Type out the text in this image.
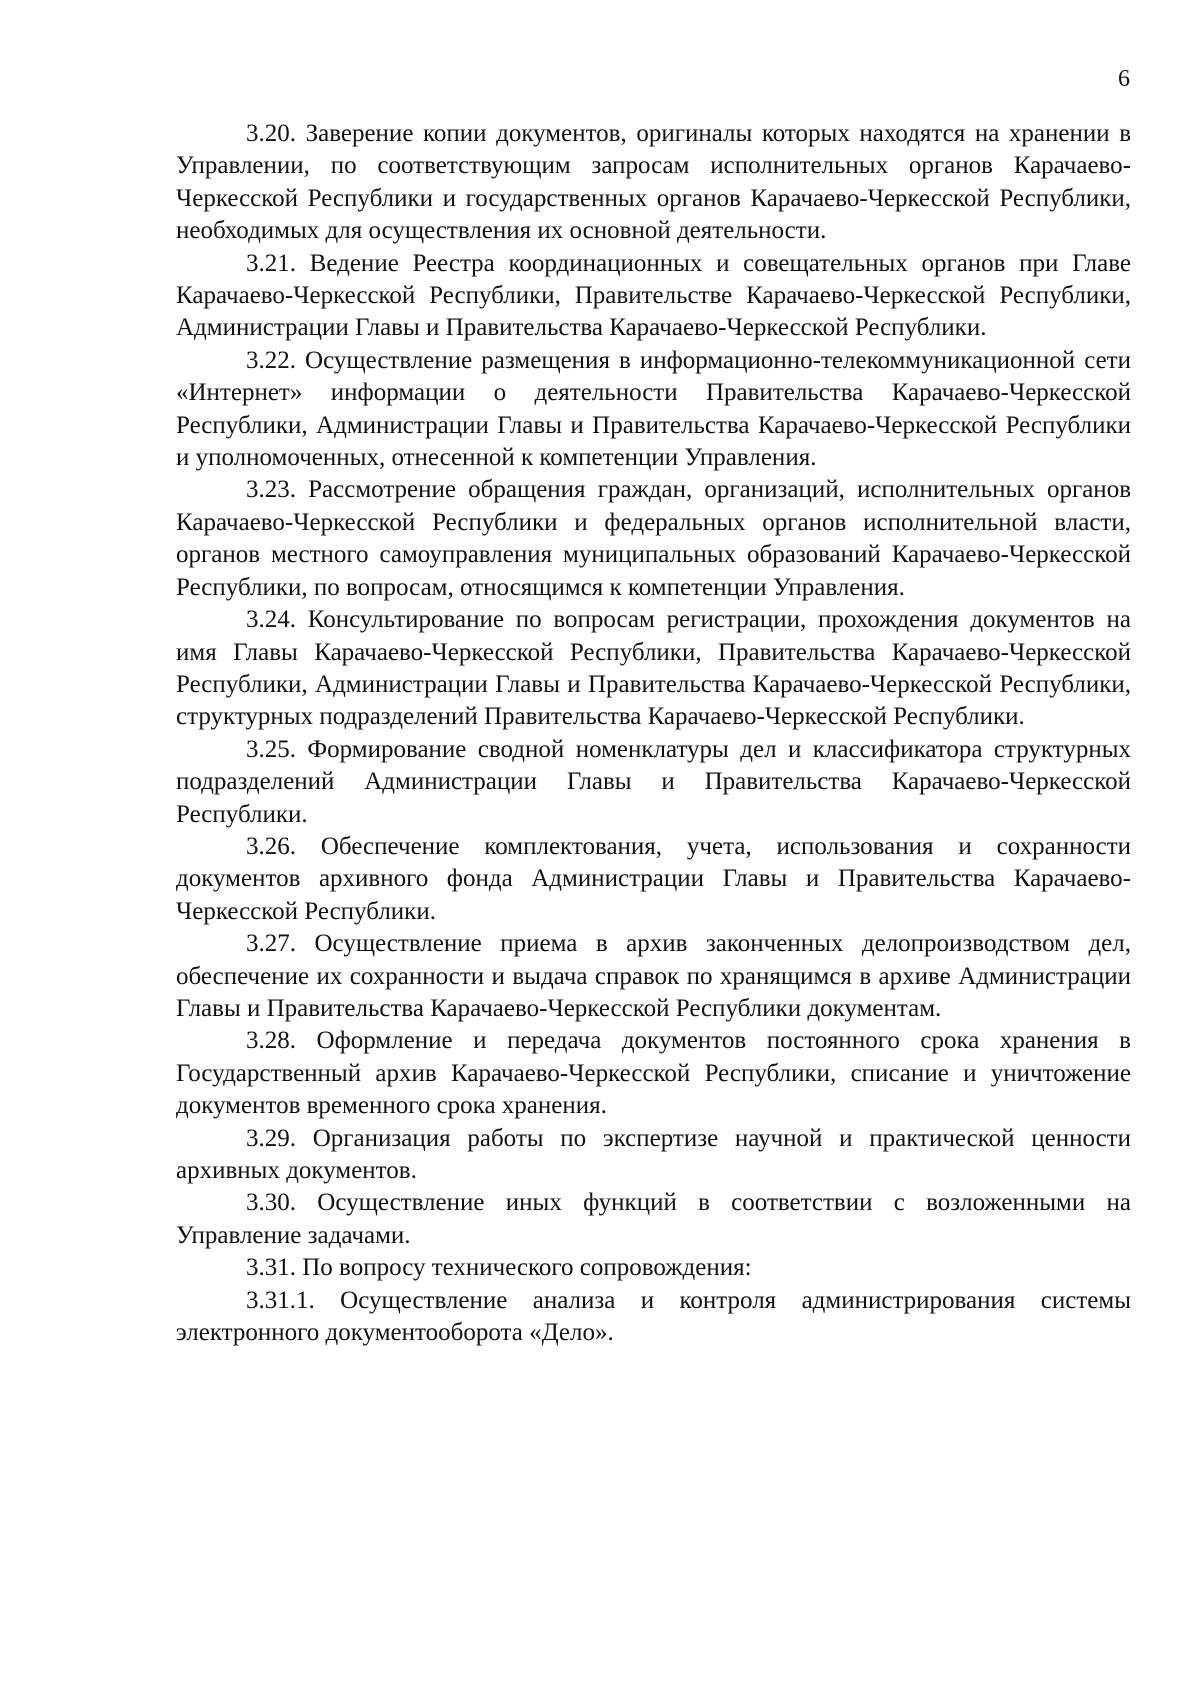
6

3.20. Заверение копии документов, оригиналы которых находятся на хранении в Управлении, по соответствующим запросам исполнительных органов Карачаево-Черкесской Республики и государственных органов Карачаево-Черкесской Республики, необходимых для осуществления их основной деятельности.

3.21. Ведение Реестра координационных и совещательных органов при Главе Карачаево-Черкесской Республики, Правительстве Карачаево-Черкесской Республики, Администрации Главы и Правительства Карачаево-Черкесской Республики.

3.22. Осуществление размещения в информационно-телекоммуникационной сети «Интернет» информации о деятельности Правительства Карачаево-Черкесской Республики, Администрации Главы и Правительства Карачаево-Черкесской Республики и уполномоченных, отнесенной к компетенции Управления.

3.23. Рассмотрение обращения граждан, организаций, исполнительных органов Карачаево-Черкесской Республики и федеральных органов исполнительной власти, органов местного самоуправления муниципальных образований Карачаево-Черкесской Республики, по вопросам, относящимся к компетенции Управления.

3.24. Консультирование по вопросам регистрации, прохождения документов на имя Главы Карачаево-Черкесской Республики, Правительства Карачаево-Черкесской Республики, Администрации Главы и Правительства Карачаево-Черкесской Республики, структурных подразделений Правительства Карачаево-Черкесской Республики.

3.25. Формирование сводной номенклатуры дел и классификатора структурных подразделений Администрации Главы и Правительства Карачаево-Черкесской Республики.

3.26. Обеспечение комплектования, учета, использования и сохранности документов архивного фонда Администрации Главы и Правительства Карачаево-Черкесской Республики.

3.27. Осуществление приема в архив законченных делопроизводством дел, обеспечение их сохранности и выдача справок по хранящимся в архиве Администрации Главы и Правительства Карачаево-Черкесской Республики документам.

3.28. Оформление и передача документов постоянного срока хранения в Государственный архив Карачаево-Черкесской Республики, списание и уничтожение документов временного срока хранения.

3.29. Организация работы по экспертизе научной и практической ценности архивных документов.

3.30. Осуществление иных функций в соответствии с возложенными на Управление задачами.

3.31. По вопросу технического сопровождения:

3.31.1. Осуществление анализа и контроля администрирования системы электронного документооборота «Дело».
